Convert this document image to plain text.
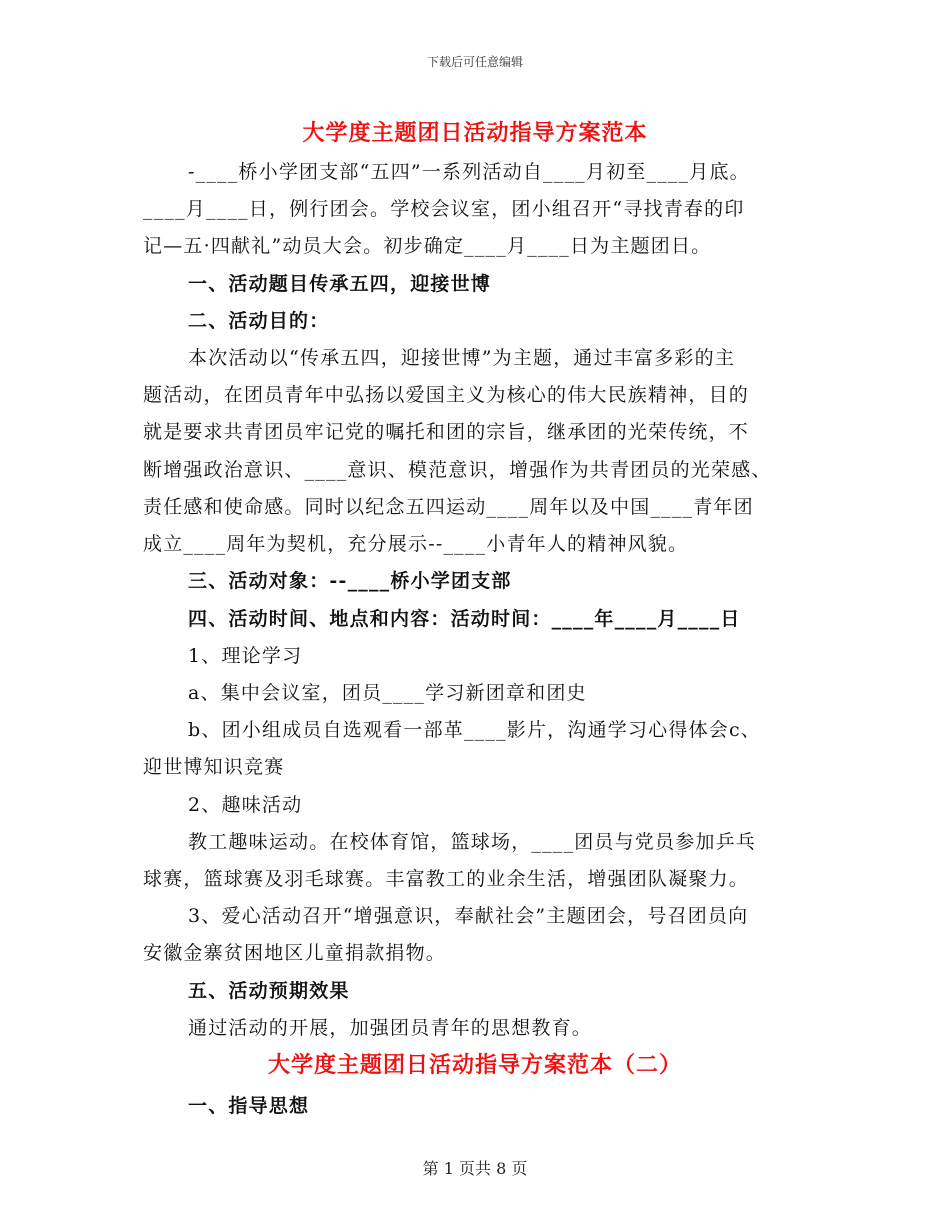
下载后可任意编辑
大学度主题团日活动指导方案范本
-____桥小学团支部“五四”一系列活动自____月初至____月底。
____月____日，例行团会。学校会议室，团小组召开“寻找青春的印
记—五·四献礼”动员大会。初步确定____月____日为主题团日。
一、活动题目传承五四，迎接世博
二、活动目的：
本次活动以“传承五四，迎接世博”为主题，通过丰富多彩的主
题活动，在团员青年中弘扬以爱国主义为核心的伟大民族精神，目的
就是要求共青团员牢记党的嘱托和团的宗旨，继承团的光荣传统，不
断增强政治意识、____意识、模范意识，增强作为共青团员的光荣感、
责任感和使命感。同时以纪念五四运动____周年以及中国____青年团
成立____周年为契机，充分展示--____小青年人的精神风貌。
三、活动对象：--____桥小学团支部
四、活动时间、地点和内容：活动时间：____年____月____日
1、理论学习
a、集中会议室，团员____学习新团章和团史
b、团小组成员自选观看一部革____影片，沟通学习心得体会c、
迎世博知识竞赛
2、趣味活动
教工趣味运动。在校体育馆，篮球场，____团员与党员参加乒乓
球赛，篮球赛及羽毛球赛。丰富教工的业余生活，增强团队凝聚力。
3、爱心活动召开“增强意识，奉献社会”主题团会，号召团员向
安徽金寨贫困地区儿童捐款捐物。
五、活动预期效果
通过活动的开展，加强团员青年的思想教育。
大学度主题团日活动指导方案范本（二）
一、指导思想
第 1 页共 8 页
